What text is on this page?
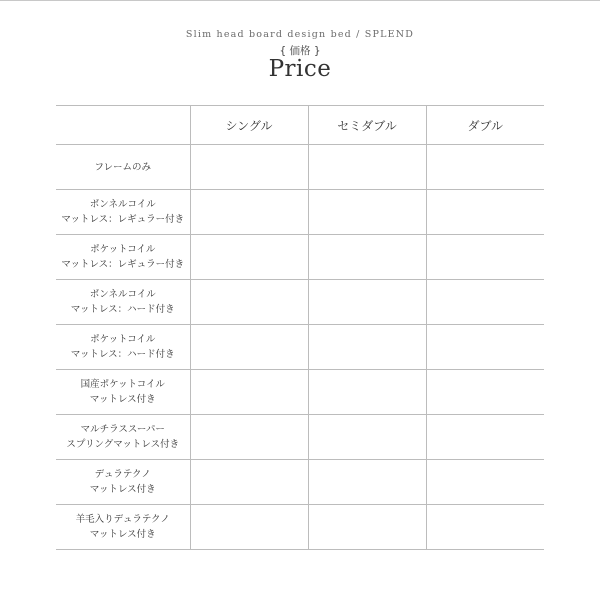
Slim head board design bed / SPLEND
{ 価格 }
Price
	シングル	セミダブル	ダブル

フレームのみ			

ボンネルコイル
マットレス：レギュラー付き			

ポケットコイル
マットレス：レギュラー付き			

ボンネルコイル
マットレス：ハード付き			

ポケットコイル
マットレス：ハード付き			

国産ポケットコイル
マットレス付き			

マルチラススーパー
スプリングマットレス付き			

デュラテクノ
マットレス付き			

羊毛入りデュラテクノ
マットレス付き			
